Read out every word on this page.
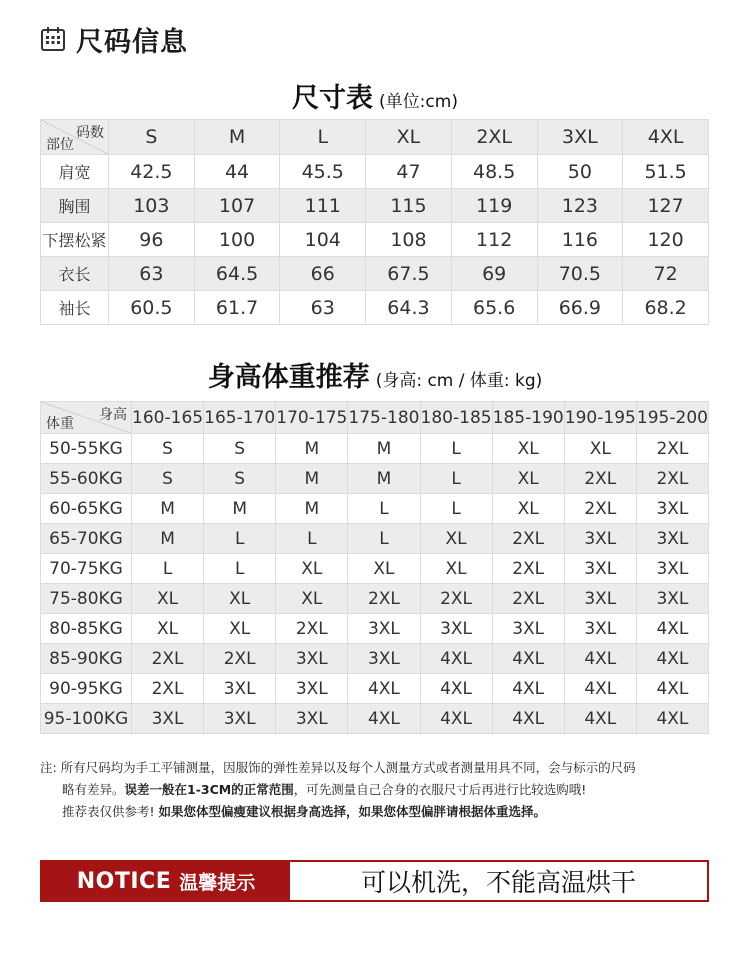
尺码信息
尺寸表 (单位:cm)
码数
部位	S	M	L	XL	2XL	3XL	4XL
肩宽	42.5	44	45.5	47	48.5	50	51.5
胸围	103	107	111	115	119	123	127
下摆松紧	96	100	104	108	112	116	120
衣长	63	64.5	66	67.5	69	70.5	72
袖长	60.5	61.7	63	64.3	65.6	66.9	68.2
身高体重推荐 (身高: cm / 体重: kg)
身高
体重	160-165	165-170	170-175	175-180	180-185	185-190	190-195	195-200
50-55KG	S	S	M	M	L	XL	XL	2XL
55-60KG	S	S	M	M	L	XL	2XL	2XL
60-65KG	M	M	M	L	L	XL	2XL	3XL
65-70KG	M	L	L	L	XL	2XL	3XL	3XL
70-75KG	L	L	XL	XL	XL	2XL	3XL	3XL
75-80KG	XL	XL	XL	2XL	2XL	2XL	3XL	3XL
80-85KG	XL	XL	2XL	3XL	3XL	3XL	3XL	4XL
85-90KG	2XL	2XL	3XL	3XL	4XL	4XL	4XL	4XL
90-95KG	2XL	3XL	3XL	4XL	4XL	4XL	4XL	4XL
95-100KG	3XL	3XL	3XL	4XL	4XL	4XL	4XL	4XL
注: 所有尺码均为手工平铺测量，因服饰的弹性差异以及每个人测量方式或者测量用具不同，会与标示的尺码
略有差异。误差一般在1-3CM的正常范围，可先测量自己合身的衣服尺寸后再进行比较选购哦!
推荐表仅供参考! 如果您体型偏瘦建议根据身高选择，如果您体型偏胖请根据体重选择。
NOTICE 温馨提示	可以机洗，不能高温烘干
